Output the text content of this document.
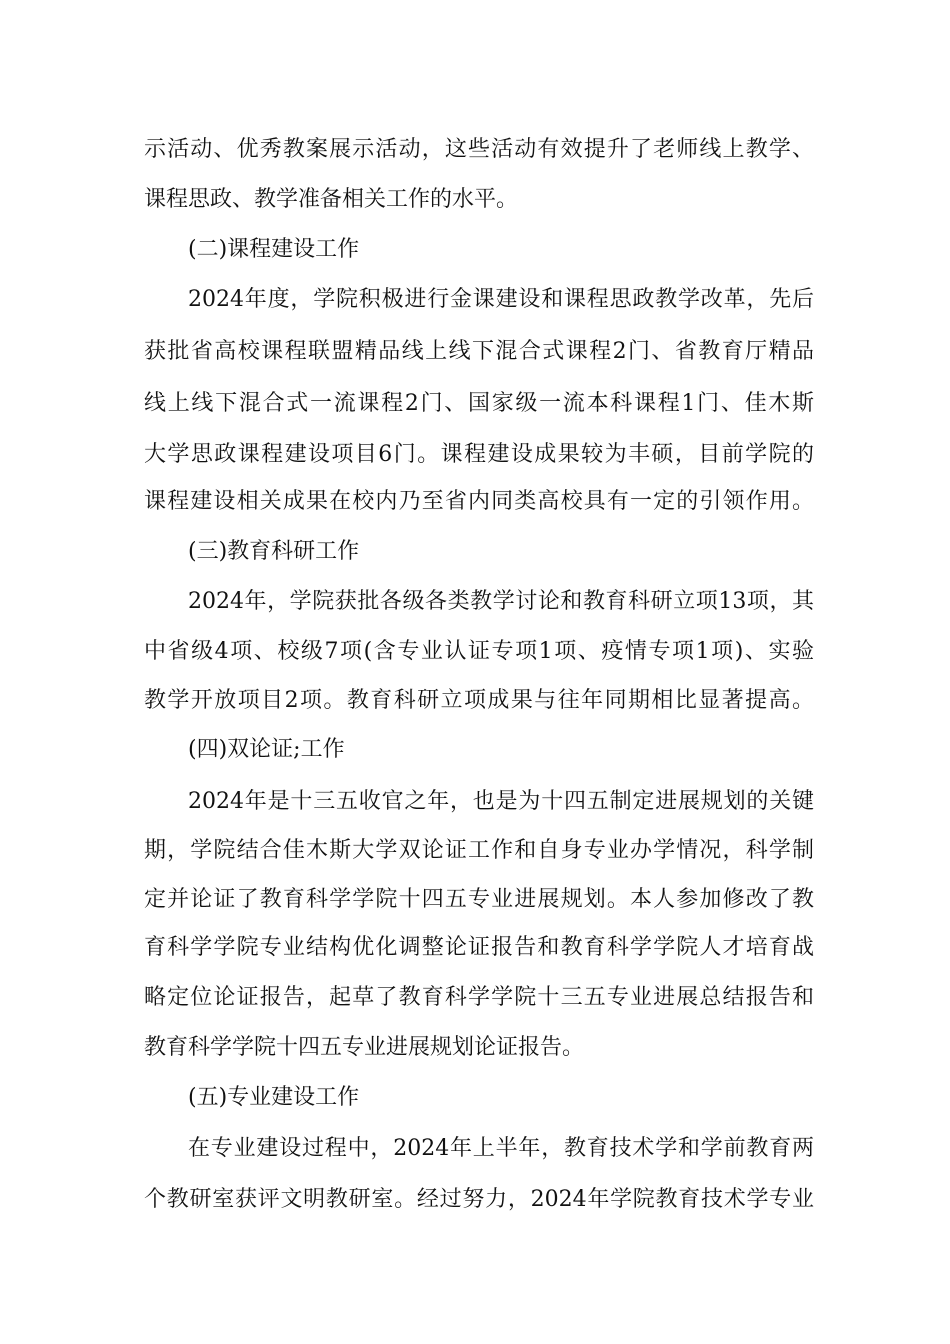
示活动、优秀教案展示活动，这些活动有效提升了老师线上教学、
课程思政、教学准备相关工作的水平。
(二)课程建设工作
2024年度，学院积极进行金课建设和课程思政教学改革，先后
获批省高校课程联盟精品线上线下混合式课程2门、省教育厅精品
线上线下混合式一流课程2门、国家级一流本科课程1门、佳木斯
大学思政课程建设项目6门。课程建设成果较为丰硕，目前学院的
课程建设相关成果在校内乃至省内同类高校具有一定的引领作用。
(三)教育科研工作
2024年，学院获批各级各类教学讨论和教育科研立项13项，其
中省级4项、校级7项(含专业认证专项1项、疫情专项1项)、实验
教学开放项目2项。教育科研立项成果与往年同期相比显著提高。
(四)双论证;工作
2024年是十三五收官之年，也是为十四五制定进展规划的关键
期，学院结合佳木斯大学双论证工作和自身专业办学情况，科学制
定并论证了教育科学学院十四五专业进展规划。本人参加修改了教
育科学学院专业结构优化调整论证报告和教育科学学院人才培育战
略定位论证报告，起草了教育科学学院十三五专业进展总结报告和
教育科学学院十四五专业进展规划论证报告。
(五)专业建设工作
在专业建设过程中，2024年上半年，教育技术学和学前教育两
个教研室获评文明教研室。经过努力，2024年学院教育技术学专业
